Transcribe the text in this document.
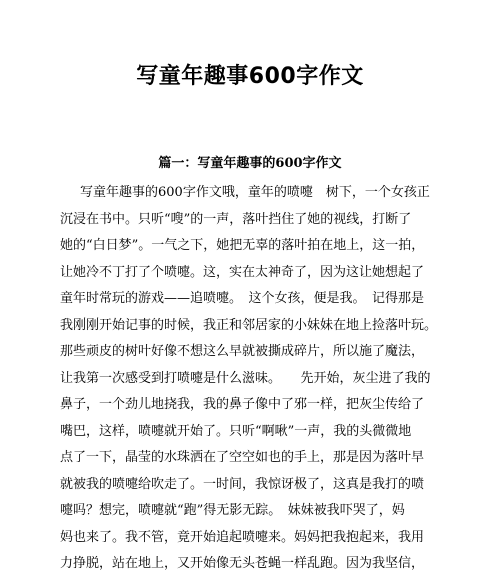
写童年趣事600字作文
篇一：写童年趣事的600字作文
写童年趣事的600字作文哦，童年的喷嚏　树下，一个女孩正
沉浸在书中。只听“嗖”的一声，落叶挡住了她的视线，打断了
她的“白日梦”。一气之下，她把无辜的落叶拍在地上，这一拍，
让她冷不丁打了个喷嚏。这，实在太神奇了，因为这让她想起了
童年时常玩的游戏——追喷嚏。　这个女孩，便是我。　记得那是
我刚刚开始记事的时候，我正和邻居家的小妹妹在地上捡落叶玩。
那些顽皮的树叶好像不想这么早就被撕成碎片，所以施了魔法，
让我第一次感受到打喷嚏是什么滋味。　　先开始，灰尘进了我的
鼻子，一个劲儿地挠我，我的鼻子像中了邪一样，把灰尘传给了
嘴巴，这样，喷嚏就开始了。只听“啊啾”一声，我的头微微地
点了一下，晶莹的水珠洒在了空空如也的手上，那是因为落叶早
就被我的喷嚏给吹走了。一时间，我惊讶极了，这真是我打的喷
嚏吗？想完，喷嚏就“跑”得无影无踪。　妹妹被我吓哭了，妈
妈也来了。我不管，竟开始追起喷嚏来。妈妈把我抱起来，我用
力挣脱，站在地上，又开始像无头苍蝇一样乱跑。因为我坚信，
